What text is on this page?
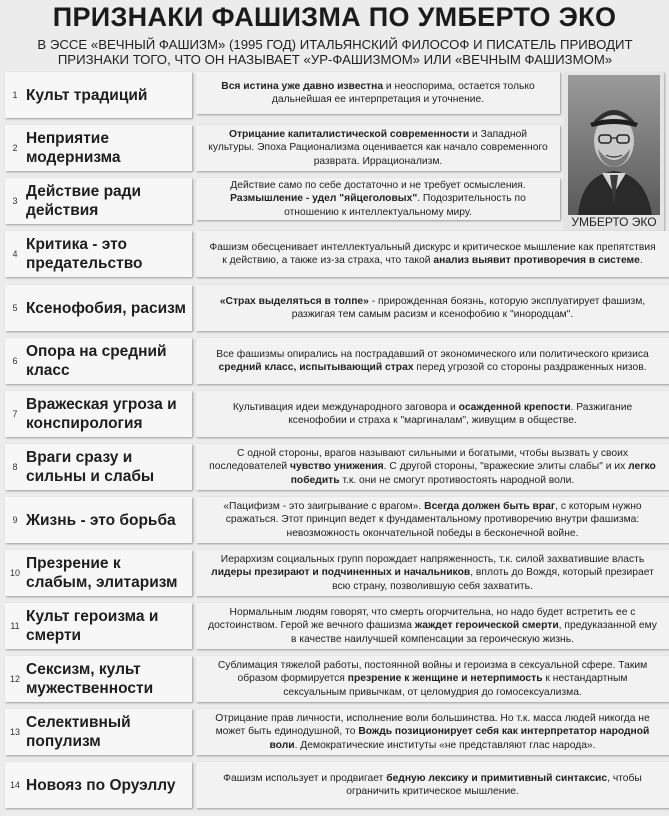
ПРИЗНАКИ ФАШИЗМА ПО УМБЕРТО ЭКО
В ЭССЕ «ВЕЧНЫЙ ФАШИЗМ» (1995 ГОД) ИТАЛЬЯНСКИЙ ФИЛОСОФ И ПИСАТЕЛЬ ПРИВОДИТ
ПРИЗНАКИ ТОГО, ЧТО ОН НАЗЫВАЕТ «УР-ФАШИЗМОМ» ИЛИ «ВЕЧНЫМ ФАШИЗМОМ»
УМБЕРТО ЭКО
1 Культ традиций
Вся истина уже давно известна и неоспорима, остается только дальнейшая ее интерпретация и уточнение.
2
Неприятие модернизма
Отрицание капиталистической современности и Западной культуры. Эпоха Рационализма оценивается как начало современного разврата. Иррационализм.
3
Действие ради действия
Действие само по себе достаточно и не требует осмысления. Размышление - удел "яйцеголовых". Подозрительность по отношению к интеллектуальному миру.
4
Критика - это предательство
Фашизм обесценивает интеллектуальный дискурс и критическое мышление как препятствия к действию, а также из-за страха, что такой анализ выявит противоречия в системе.
5 Ксенофобия, расизм	«Страх выделяться в толпе» - прирожденная боязнь, которую эксплуатирует фашизм, разжигая тем самым расизм и ксенофобию к "инородцам".
6
Опора на средний класс
Все фашизмы опирались на пострадавший от экономического или политического кризиса средний класс, испытывающий страх перед угрозой со стороны раздраженных низов.
7
Вражеская угроза и конспирология
Культивация идеи международного заговора и осажденной крепости. Разжигание ксенофобии и страха к "маргиналам", живущим в обществе.
8
Враги сразу и сильны и слабы
С одной стороны, врагов называют сильными и богатыми, чтобы вызвать у своих последователей чувство унижения. С другой стороны, "вражеские элиты слабы" и их легко победить т.к. они не смогут противостоять народной воли.
9 Жизнь - это борьба
«Пацифизм - это заигрывание с врагом». Всегда должен быть враг, с которым нужно сражаться. Этот принцип ведет к фундаментальному противоречию внутри фашизма: невозможность окончательной победы в бесконечной войне.
10
Презрение к слабым, элитаризм
Иерархизм социальных групп порождает напряженность, т.к. силой захватившие власть лидеры презирают и подчиненных и начальников, вплоть до Вождя, который презирает всю страну, позволившую себя захватить.
11
Культ героизма и смерти
Нормальным людям говорят, что смерть огорчительна, но надо будет встретить ее с достоинством. Герой же вечного фашизма жаждет героической смерти, предуказанной ему в качестве наилучшей компенсации за героическую жизнь.
12
Сексизм, культ мужественности
Сублимация тяжелой работы, постоянной войны и героизма в сексуальной сфере. Таким образом формируется презрение к женщине и нетерпимость к нестандартным сексуальным привычкам, от целомудрия до гомосексуализма.
13
Селективный популизм
Отрицание прав личности, исполнение воли большинства. Но т.к. масса людей никогда не может быть единодушной, то Вождь позиционирует себя как интерпретатор народной воли. Демократические институты «не представляют глас народа».
14 Новояз по Оруэллу	Фашизм использует и продвигает бедную лексику и примитивный синтаксис, чтобы ограничить критическое мышление.
